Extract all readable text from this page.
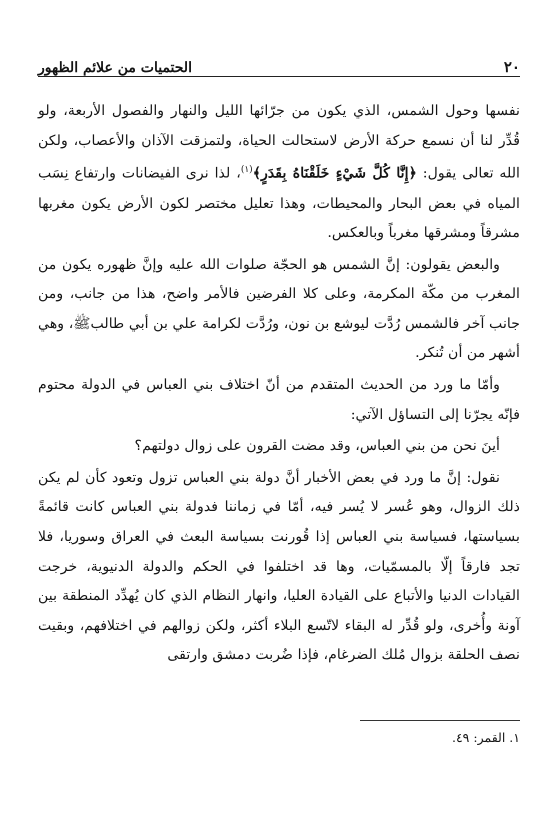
٢٠
الحتميات من علائم الظهور

نفسها وحول الشمس، الذي يكون من جرّائها الليل والنهار والفصول الأربعة، ولو قُدِّر لنا أن نسمع حركة الأرض لاستحالت الحياة، ولتمزقت الآذان والأعصاب، ولكن الله تعالى يقول: ﴿إِنَّا كُلَّ شَيْءٍ خَلَقْنَاهُ بِقَدَرٍ﴾$^{(١)}$، لذا نرى الفيضانات وارتفاع نِسَب المياه في بعض البحار والمحيطات، وهذا تعليل مختصر لكون الأرض يكون مغربها مشرقاً ومشرقها مغرباً وبالعكس.

والبعض يقولون: إنَّ الشمس هو الحجّة صلوات الله عليه وإنَّ ظهوره يكون من المغرب من مكّة المكرمة، وعلى كلا الفرضين فالأمر واضح، هذا من جانب، ومن جانب آخر فالشمس رُدَّت ليوشع بن نون، ورُدَّت لكرامة علي بن أبي طالبﷺ، وهي أشهر من أن تُنكر.

وأمّا ما ورد من الحديث المتقدم من أنّ اختلاف بني العباس في الدولة محتوم فإنّه يجرّنا إلى التساؤل الآتي:

أينَ نحن من بني العباس، وقد مضت القرون على زوال دولتهم؟

نقول: إنَّ ما ورد في بعض الأخبار أنَّ دولة بني العباس تزول وتعود كأن لم يكن ذلك الزوال، وهو عُسر لا يُسر فيه، أمّا في زماننا فدولة بني العباس كانت قائمةً بسياستها، فسياسة بني العباس إذا قُورنت بسياسة البعث في العراق وسوريا، فلا تجد فارقاً إلّا بالمسمّيات، وها قد اختلفوا في الحكم والدولة الدنيوية، خرجت القيادات الدنيا والأتباع على القيادة العليا، وانهار النظام الذي كان يُهدِّد المنطقة بين آونة وأُخرى، ولو قُدِّر له البقاء لاتّسع البلاء أكثر، ولكن زوالهم في اختلافهم، وبقيت نصف الحلقة بزوال مُلك الضرغام، فإذا ضُربت دمشق وارتقى

١. القمر: ٤٩.
